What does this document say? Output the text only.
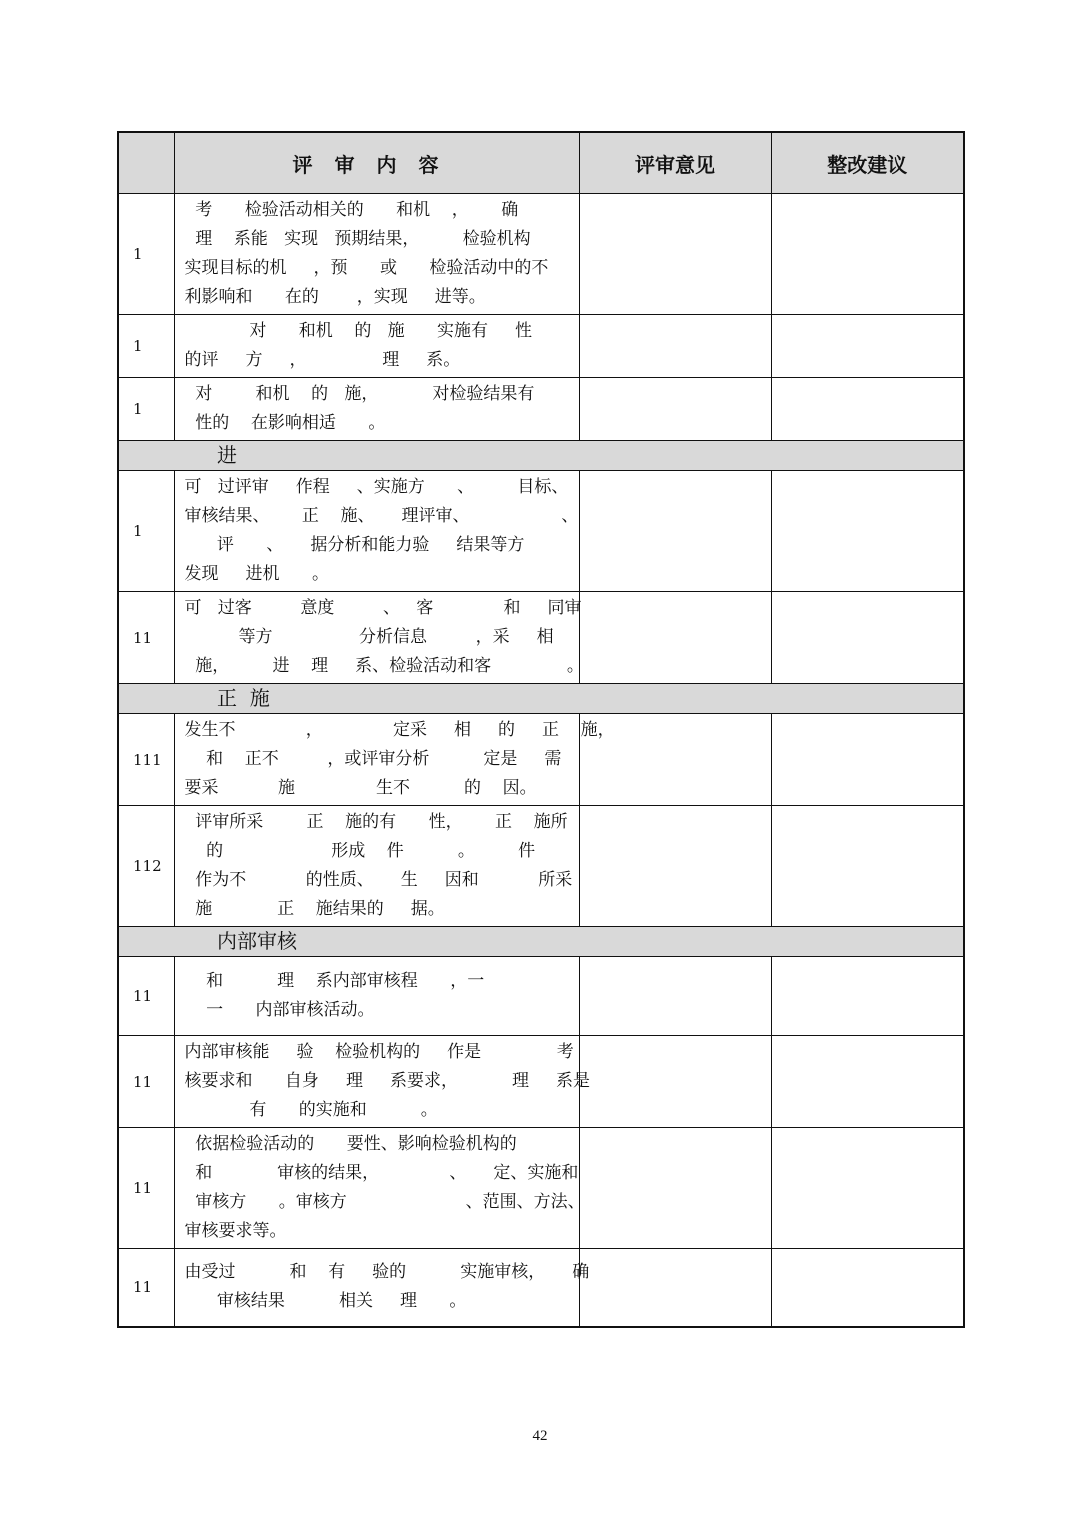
	评审内容	评审意见	整改建议
1	考      检验活动相关的      和机    ，      确
理    系能   实现   预期结果，        检验机构
实现目标的机     ，预      或      检验活动中的不
利影响和      在的       ，实现     进等。		

1	对      和机    的   施      实施有     性
的评     方     ，              理     系。		

1	对        和机    的   施，          对检验结果有
性的    在影响相适      。		

进			

1	可   过评审     作程     、实施方      、        目标、
审核结果、      正    施、     理评审、                 、
评      、     据分析和能力验     结果等方
发现     进机      。		

11	可   过客         意度         、   客             和     同审
等方                分析信息         ，采     相
施，        进    理     系、检验活动和客              。		

正  施			

111	发生不             ，             定采     相     的     正    施，
和    正不         ，或评审分析          定是     需
要采           施               生不          的    因。		

112	评审所采        正    施的有      性，      正    施所
的                    形成    件          。        件
作为不           的性质、     生     因和           所采
施            正    施结果的     据。		

内部审核			

11	和          理    系内部审核程      ，一
一      内部审核活动。		

11	内部审核能     验    检验机构的     作是              考
核要求和      自身     理     系要求，          理     系是
有      的实施和          。		

11	依据检验活动的      要性、影响检验机构的
和            审核的结果，             、     定、实施和
审核方      。审核方                      、范围、方法、
审核要求等。		

11	由受过          和    有     验的          实施审核，     确
审核结果          相关     理      。		

42
